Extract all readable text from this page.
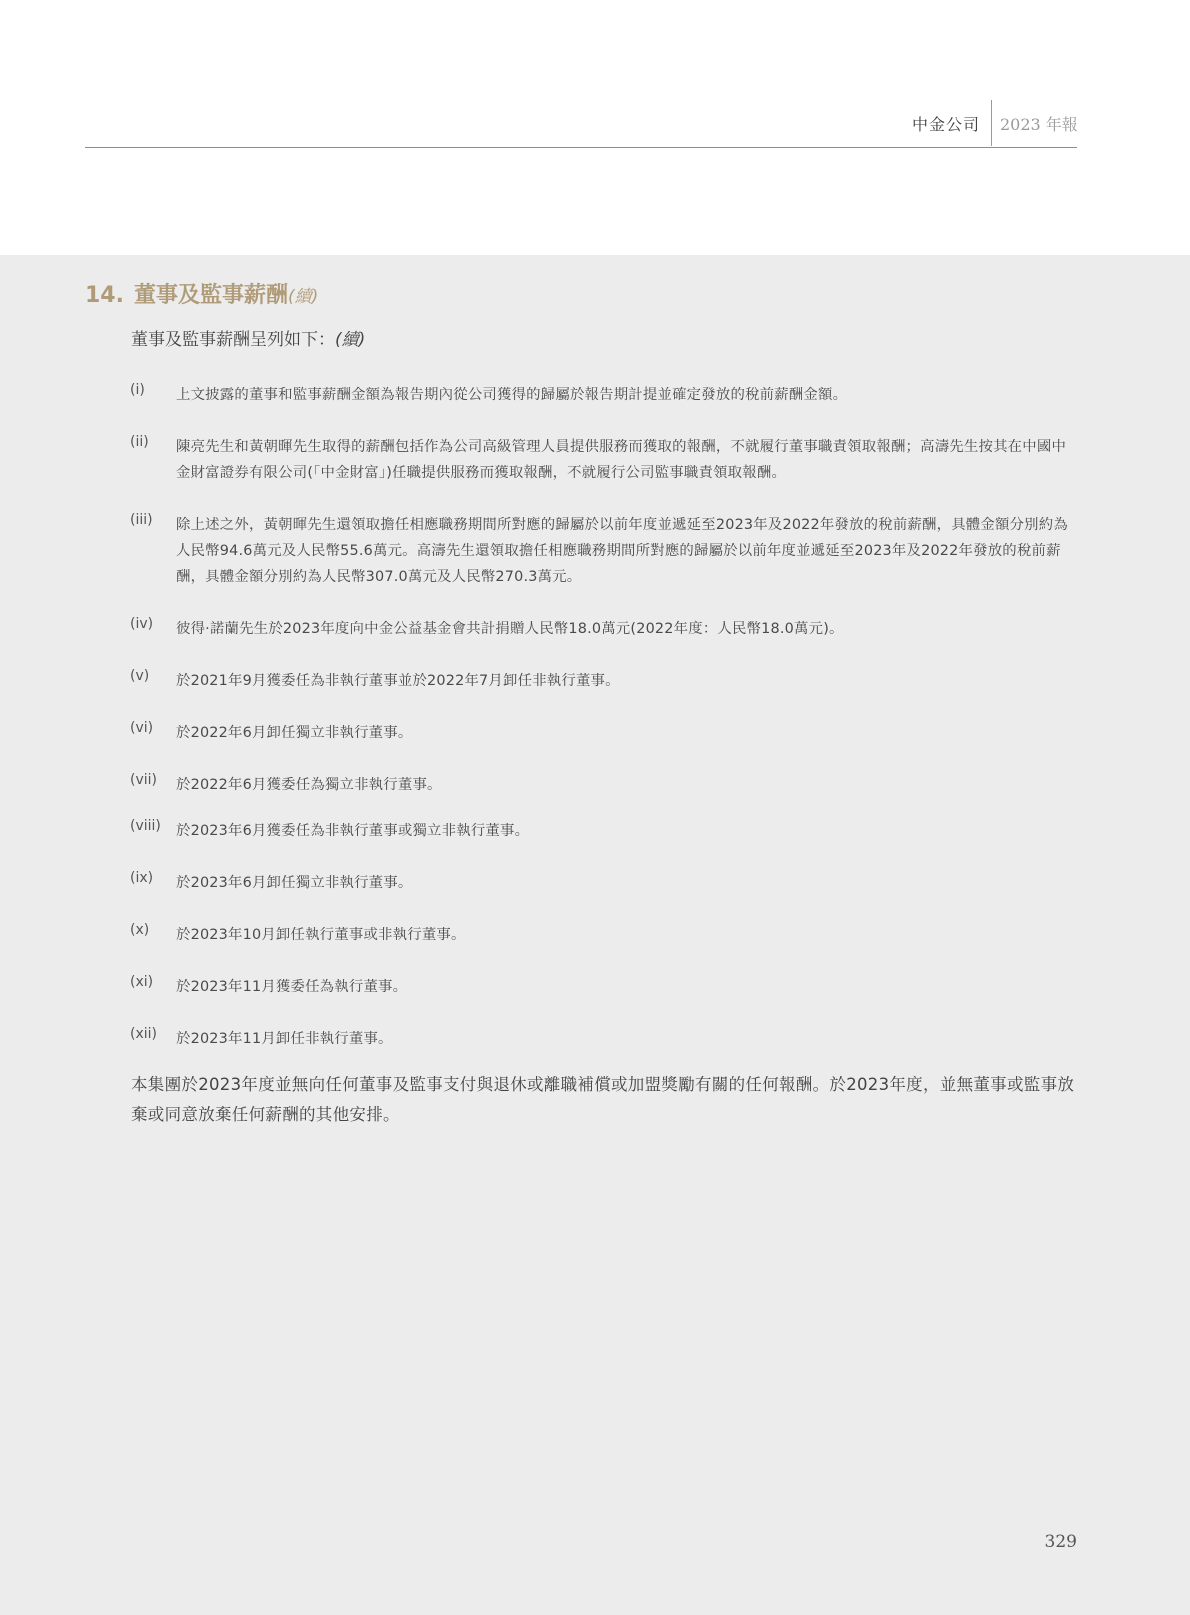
中金公司 2023 年報
14. 董事及監事薪酬(續)
董事及監事薪酬呈列如下：(續)
(i) 上文披露的董事和監事薪酬金額為報告期內從公司獲得的歸屬於報告期計提並確定發放的稅前薪酬金額。
(ii) 陳亮先生和黃朝暉先生取得的薪酬包括作為公司高級管理人員提供服務而獲取的報酬，不就履行董事職責領取報酬；高濤先生按其在中國中金財富證券有限公司(「中金財富」)任職提供服務而獲取報酬，不就履行公司監事職責領取報酬。
(iii) 除上述之外，黃朝暉先生還領取擔任相應職務期間所對應的歸屬於以前年度並遞延至2023年及2022年發放的稅前薪酬，具體金額分別約為人民幣94.6萬元及人民幣55.6萬元。高濤先生還領取擔任相應職務期間所對應的歸屬於以前年度並遞延至2023年及2022年發放的稅前薪酬，具體金額分別約為人民幣307.0萬元及人民幣270.3萬元。
(iv) 彼得·諾蘭先生於2023年度向中金公益基金會共計捐贈人民幣18.0萬元(2022年度：人民幣18.0萬元)。
(v) 於2021年9月獲委任為非執行董事並於2022年7月卸任非執行董事。
(vi) 於2022年6月卸任獨立非執行董事。
(vii) 於2022年6月獲委任為獨立非執行董事。
(viii) 於2023年6月獲委任為非執行董事或獨立非執行董事。
(ix) 於2023年6月卸任獨立非執行董事。
(x) 於2023年10月卸任執行董事或非執行董事。
(xi) 於2023年11月獲委任為執行董事。
(xii) 於2023年11月卸任非執行董事。
本集團於2023年度並無向任何董事及監事支付與退休或離職補償或加盟獎勵有關的任何報酬。於2023年度，並無董事或監事放棄或同意放棄任何薪酬的其他安排。
329
